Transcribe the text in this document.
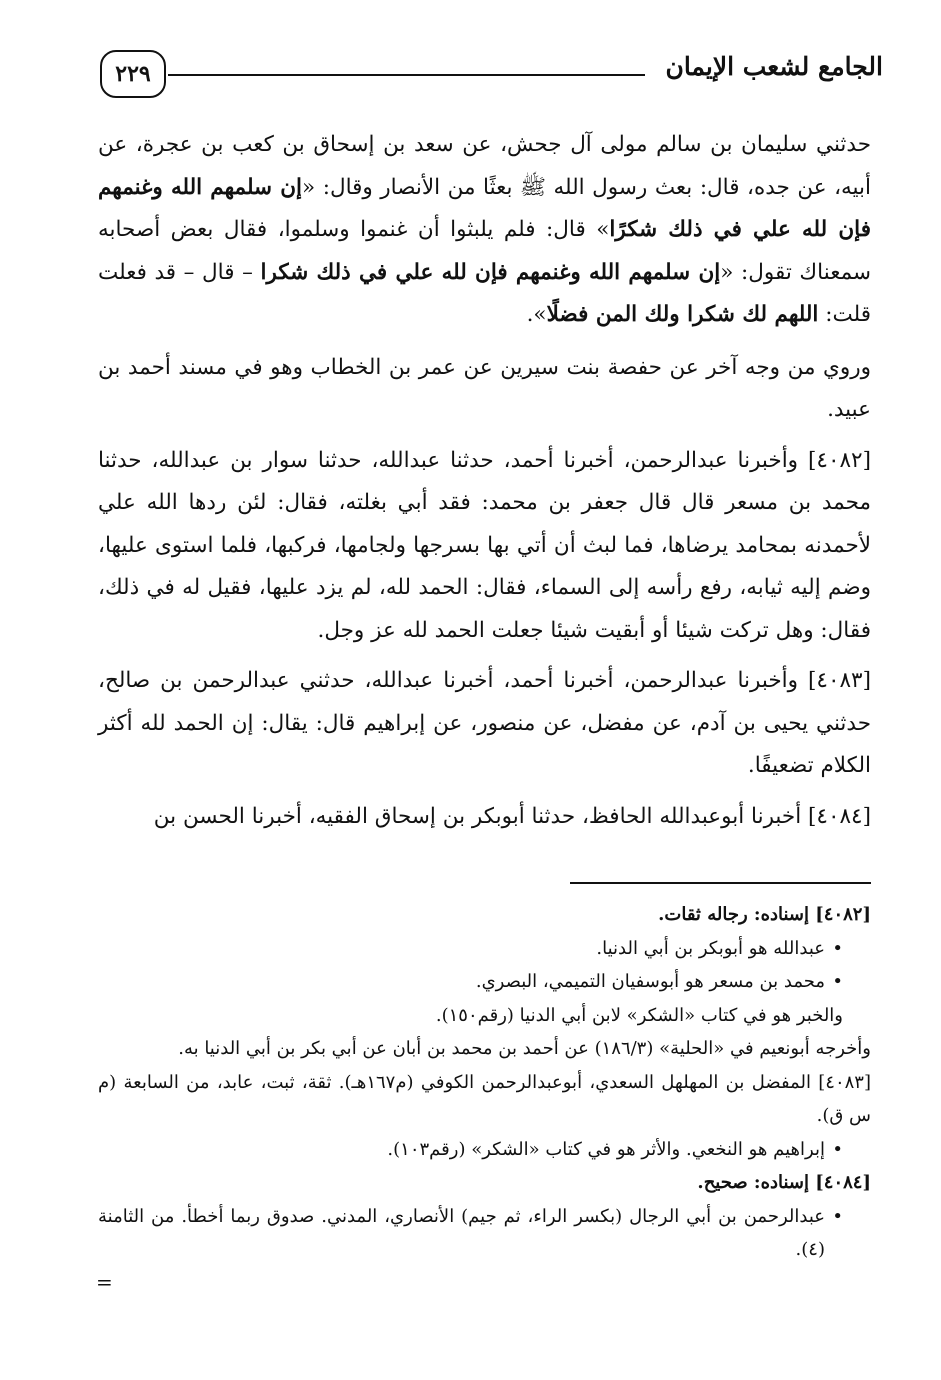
الجامع لشعب الإيمان
٢٢٩

حدثني سليمان بن سالم مولى آل جحش، عن سعد بن إسحاق بن كعب بن عجرة، عن أبيه، عن جده، قال: بعث رسول الله ﷺ بعثًا من الأنصار وقال: «إن سلمهم الله وغنمهم فإن لله علي في ذلك شكرًا» قال: فلم يلبثوا أن غنموا وسلموا، فقال بعض أصحابه سمعناك تقول: «إن سلمهم الله وغنمهم فإن لله علي في ذلك شكرا – قال – قد فعلت قلت: اللهم لك شكرا ولك المن فضلًا».

وروي من وجه آخر عن حفصة بنت سيرين عن عمر بن الخطاب وهو في مسند أحمد بن عبيد.

[٤٠٨٢] وأخبرنا عبدالرحمن، أخبرنا أحمد، حدثنا عبدالله، حدثنا سوار بن عبدالله، حدثنا محمد بن مسعر قال قال جعفر بن محمد: فقد أبي بغلته، فقال: لئن ردها الله علي لأحمدنه بمحامد يرضاها، فما لبث أن أتي بها بسرجها ولجامها، فركبها، فلما استوى عليها، وضم إليه ثيابه، رفع رأسه إلى السماء، فقال: الحمد لله، لم يزد عليها، فقيل له في ذلك، فقال: وهل تركت شيئا أو أبقيت شيئا جعلت الحمد لله عز وجل.

[٤٠٨٣] وأخبرنا عبدالرحمن، أخبرنا أحمد، أخبرنا عبدالله، حدثني عبدالرحمن بن صالح، حدثني يحيى بن آدم، عن مفضل، عن منصور، عن إبراهيم قال: يقال: إن الحمد لله أكثر الكلام تضعيفًا.

[٤٠٨٤] أخبرنا أبوعبدالله الحافظ، حدثنا أبوبكر بن إسحاق الفقيه، أخبرنا الحسن بن

[٤٠٨٢] إسناده: رجاله ثقات.

•
عبدالله هو أبوبكر بن أبي الدنيا.

•
محمد بن مسعر هو أبوسفيان التميمي، البصري.

والخبر هو في كتاب «الشكر» لابن أبي الدنيا (رقم١٥٠).

وأخرجه أبونعيم في «الحلية» (١٨٦/٣) عن أحمد بن محمد بن أبان عن أبي بكر بن أبي الدنيا به.

[٤٠٨٣] المفضل بن المهلهل السعدي، أبوعبدالرحمن الكوفي (م١٦٧هـ). ثقة، ثبت، عابد، من السابعة (م س ق).

•
إبراهيم هو النخعي. والأثر هو في كتاب «الشكر» (رقم١٠٣).

[٤٠٨٤] إسناده: صحيح.

•
عبدالرحمن بن أبي الرجال (بكسر الراء، ثم جيم) الأنصاري، المدني. صدوق ربما أخطأ. من الثامنة (٤).

=
